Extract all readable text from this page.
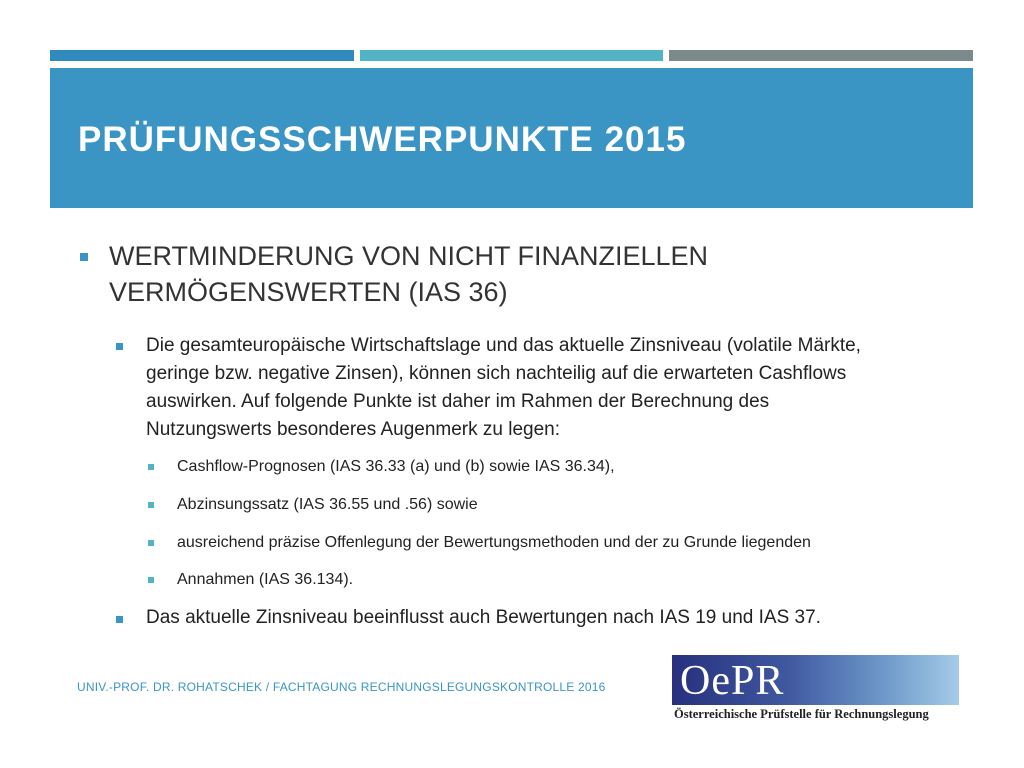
PRÜFUNGSSCHWERPUNKTE 2015
WERTMINDERUNG VON NICHT FINANZIELLEN
VERMÖGENSWERTEN (IAS 36)
Die gesamteuropäische Wirtschaftslage und das aktuelle Zinsniveau (volatile Märkte,
geringe bzw. negative Zinsen), können sich nachteilig auf die erwarteten Cashflows
auswirken. Auf folgende Punkte ist daher im Rahmen der Berechnung des
Nutzungswerts besonderes Augenmerk zu legen:
Cashflow-Prognosen (IAS 36.33 (a) und (b) sowie IAS 36.34),
Abzinsungssatz (IAS 36.55 und .56) sowie
ausreichend präzise Offenlegung der Bewertungsmethoden und der zu Grunde liegenden
Annahmen (IAS 36.134).
Das aktuelle Zinsniveau beeinflusst auch Bewertungen nach IAS 19 und IAS 37.
UNIV.-PROF. DR. ROHATSCHEK / FACHTAGUNG RECHNUNGSLEGUNGSKONTROLLE 2016 OePR
Österreichische Prüfstelle für Rechnungslegung
